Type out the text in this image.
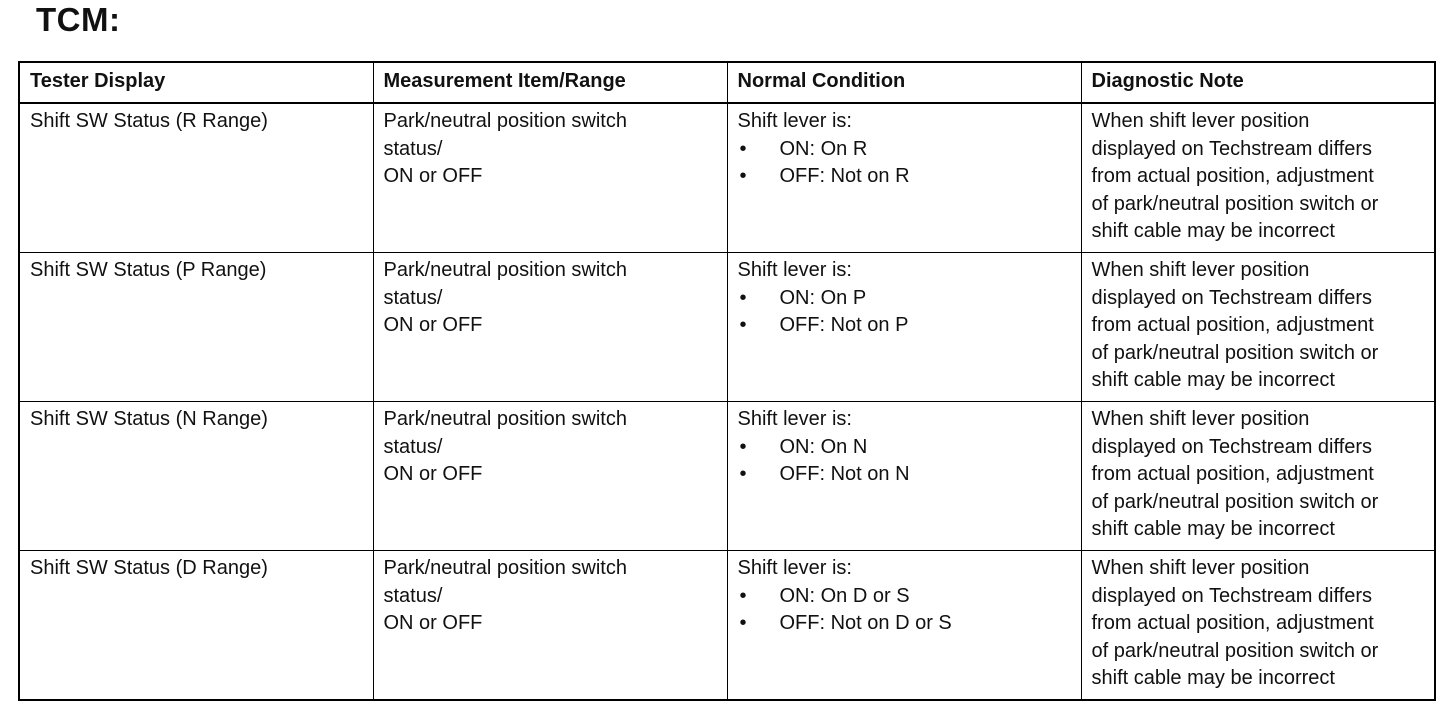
TCM:
Tester Display	Measurement Item/Range	Normal Condition	Diagnostic Note

Shift SW Status (R Range)	Park/neutral position switch
status/
ON or OFF	Shift lever is:
• ON: On R
• OFF: Not on R	When shift lever position
displayed on Techstream differs
from actual position, adjustment
of park/neutral position switch or
shift cable may be incorrect

Shift SW Status (P Range)	Park/neutral position switch
status/
ON or OFF	Shift lever is:
• ON: On P
• OFF: Not on P	When shift lever position
displayed on Techstream differs
from actual position, adjustment
of park/neutral position switch or
shift cable may be incorrect

Shift SW Status (N Range)	Park/neutral position switch
status/
ON or OFF	Shift lever is:
• ON: On N
• OFF: Not on N	When shift lever position
displayed on Techstream differs
from actual position, adjustment
of park/neutral position switch or
shift cable may be incorrect

Shift SW Status (D Range)	Park/neutral position switch
status/
ON or OFF	Shift lever is:
• ON: On D or S
• OFF: Not on D or S	When shift lever position
displayed on Techstream differs
from actual position, adjustment
of park/neutral position switch or
shift cable may be incorrect
